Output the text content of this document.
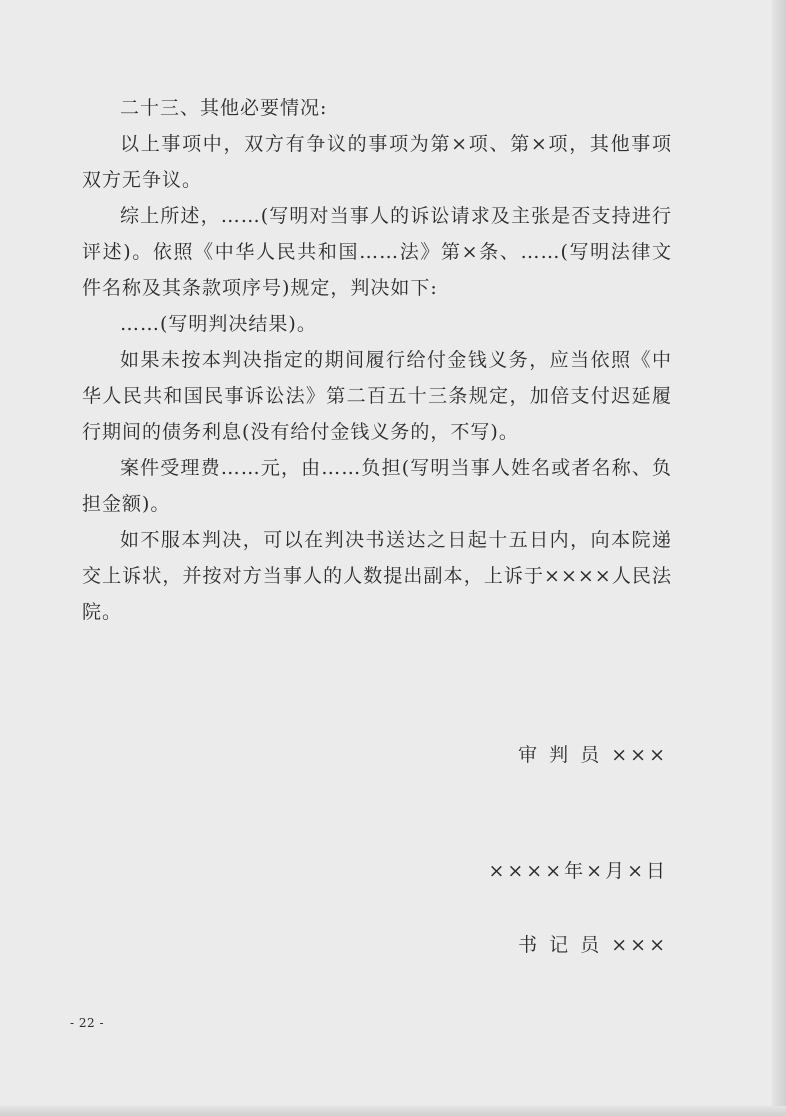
二十三、其他必要情况:

以上事项中，双方有争议的事项为第×项、第×项，其他事项双方无争议。

综上所述，……(写明对当事人的诉讼请求及主张是否支持进行评述)。依照《中华人民共和国……法》第×条、……(写明法律文件名称及其条款项序号)规定，判决如下:

……(写明判决结果)。

如果未按本判决指定的期间履行给付金钱义务，应当依照《中华人民共和国民事诉讼法》第二百五十三条规定，加倍支付迟延履行期间的债务利息(没有给付金钱义务的，不写)。

案件受理费……元，由……负担(写明当事人姓名或者名称、负担金额)。

如不服本判决，可以在判决书送达之日起十五日内，向本院递交上诉状，并按对方当事人的人数提出副本，上诉于××××人民法院。

审 判 员 ×××
××××年×月×日
书 记 员 ×××
- 22 -
